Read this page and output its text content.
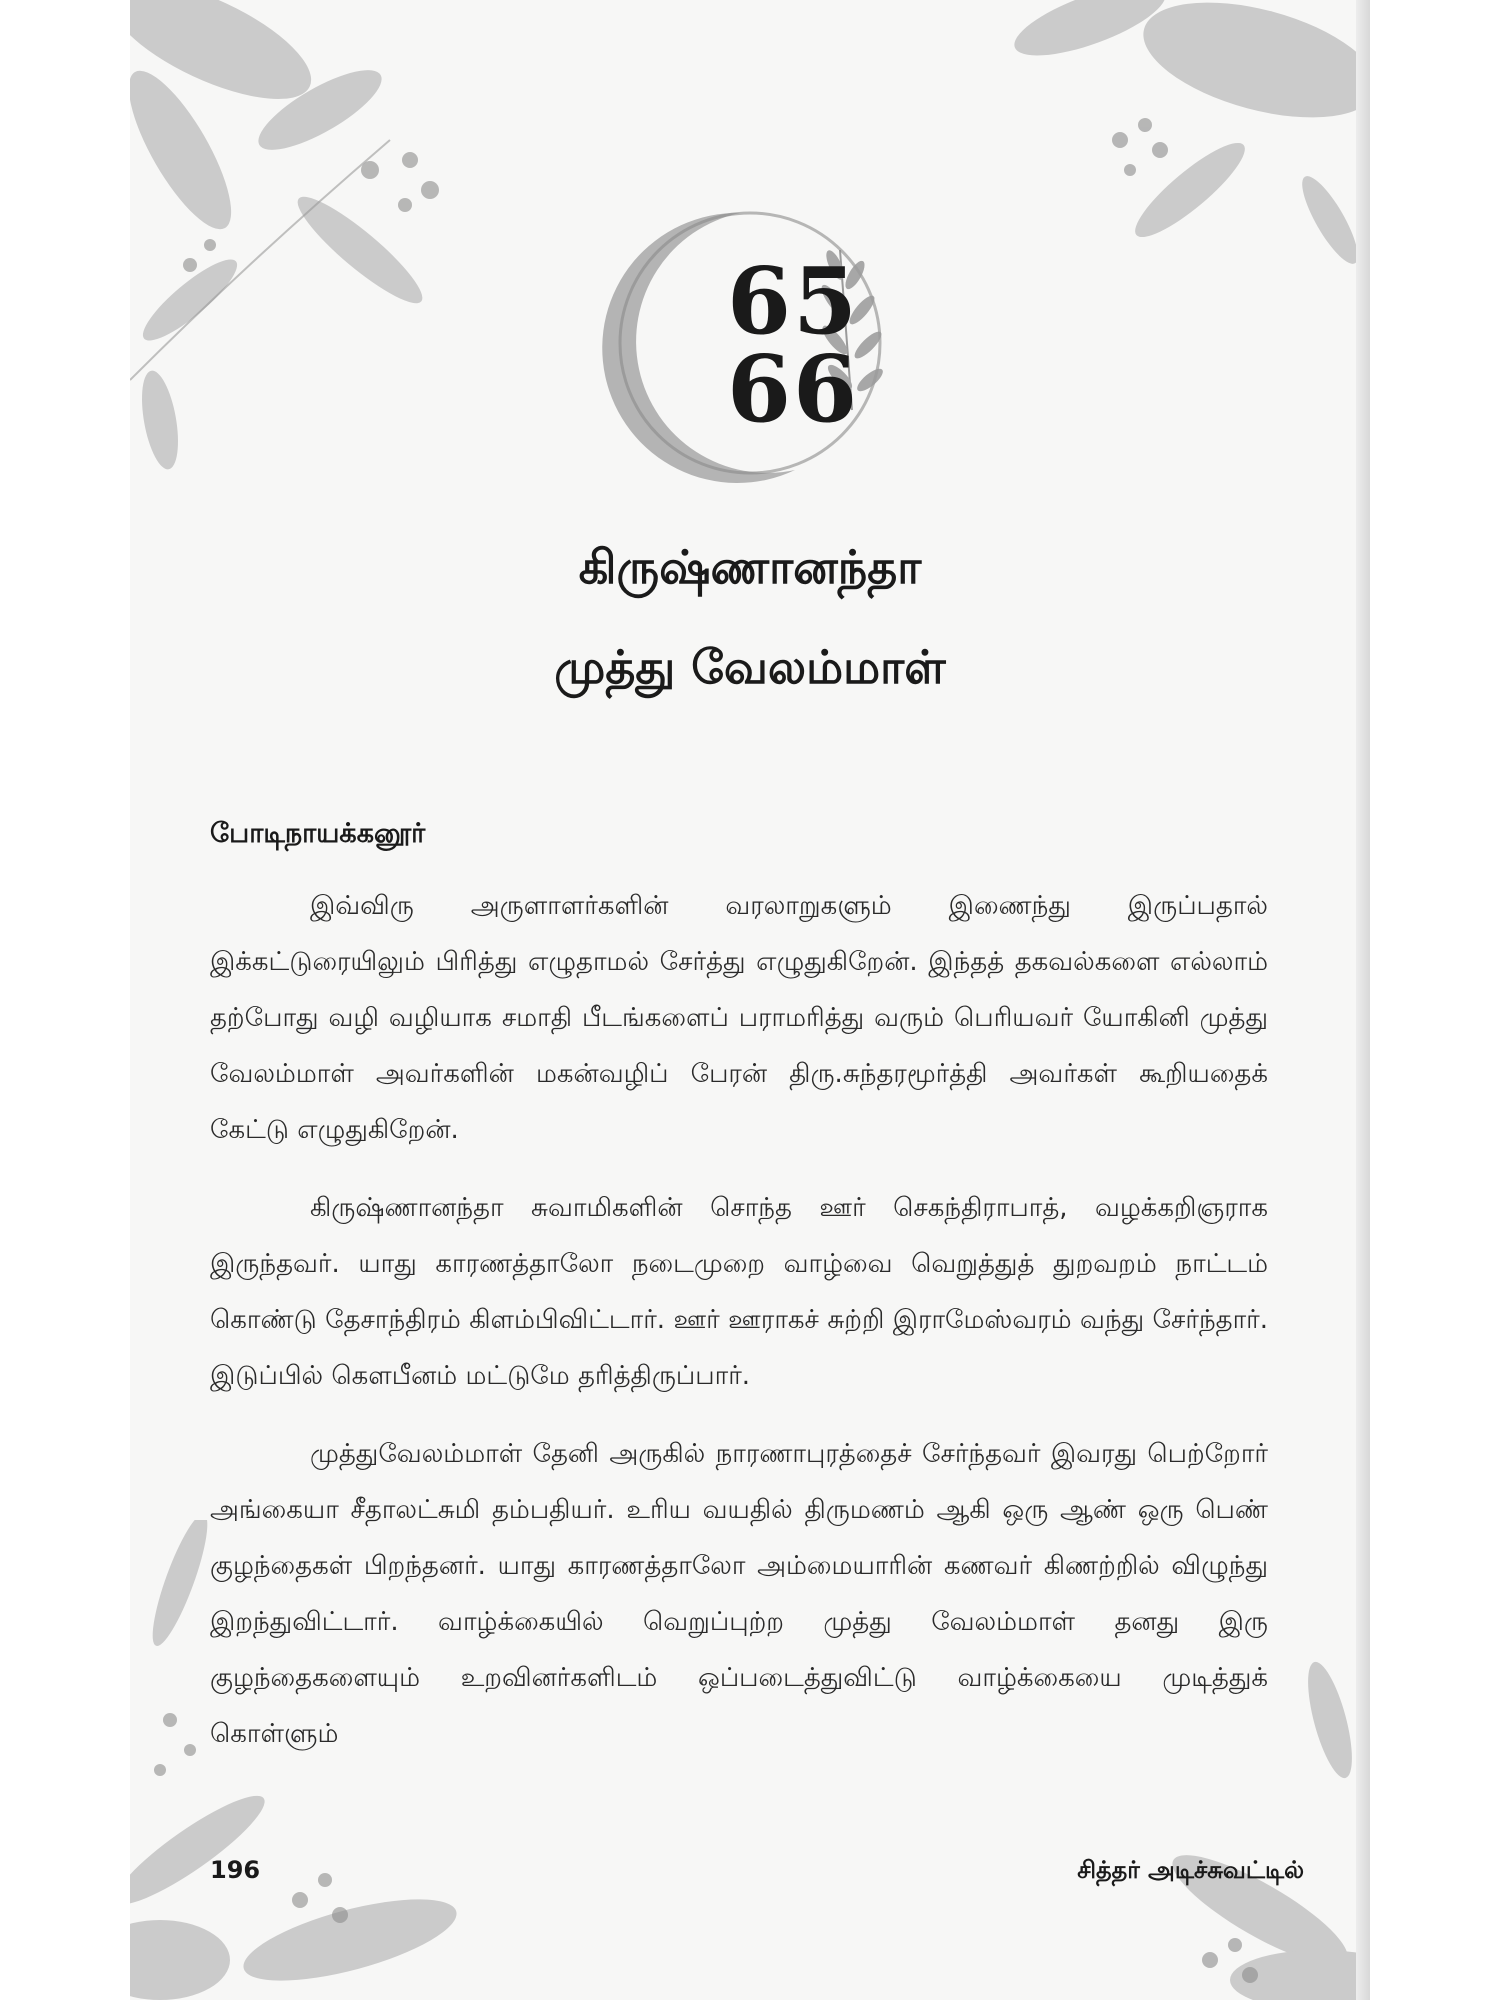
65
66
கிருஷ்ணானந்தா
முத்து வேலம்மாள்
போடிநாயக்கனூர்

இவ்விரு அருளாளர்களின் வரலாறுகளும் இணைந்து இருப்பதால் இக்கட்டுரையிலும் பிரித்து எழுதாமல் சேர்த்து எழுதுகிறேன். இந்தத் தகவல்களை எல்லாம் தற்போது வழி வழியாக சமாதி பீடங்களைப் பராமரித்து வரும் பெரியவர் யோகினி முத்து வேலம்மாள் அவர்களின் மகன்வழிப் பேரன் திரு.சுந்தரமூர்த்தி அவர்கள் கூறியதைக் கேட்டு எழுதுகிறேன்.

கிருஷ்ணானந்தா சுவாமிகளின் சொந்த ஊர் செகந்திராபாத், வழக்கறிஞராக இருந்தவர். யாது காரணத்தாலோ நடைமுறை வாழ்வை வெறுத்துத் துறவறம் நாட்டம் கொண்டு தேசாந்திரம் கிளம்பிவிட்டார். ஊர் ஊராகச் சுற்றி இராமேஸ்வரம் வந்து சேர்ந்தார். இடுப்பில் கௌபீனம் மட்டுமே தரித்திருப்பார்.

முத்துவேலம்மாள் தேனி அருகில் நாரணாபுரத்தைச் சேர்ந்தவர் இவரது பெற்றோர் அங்கையா சீதாலட்சுமி தம்பதியர். உரிய வயதில் திருமணம் ஆகி ஒரு ஆண் ஒரு பெண் குழந்தைகள் பிறந்தனர். யாது காரணத்தாலோ அம்மையாரின் கணவர் கிணற்றில் விழுந்து இறந்துவிட்டார். வாழ்க்கையில் வெறுப்புற்ற முத்து வேலம்மாள் தனது இரு குழந்தைகளையும் உறவினர்களிடம் ஒப்படைத்துவிட்டு வாழ்க்கையை முடித்துக் கொள்ளும்

196	சித்தர் அடிச்சுவட்டில்
